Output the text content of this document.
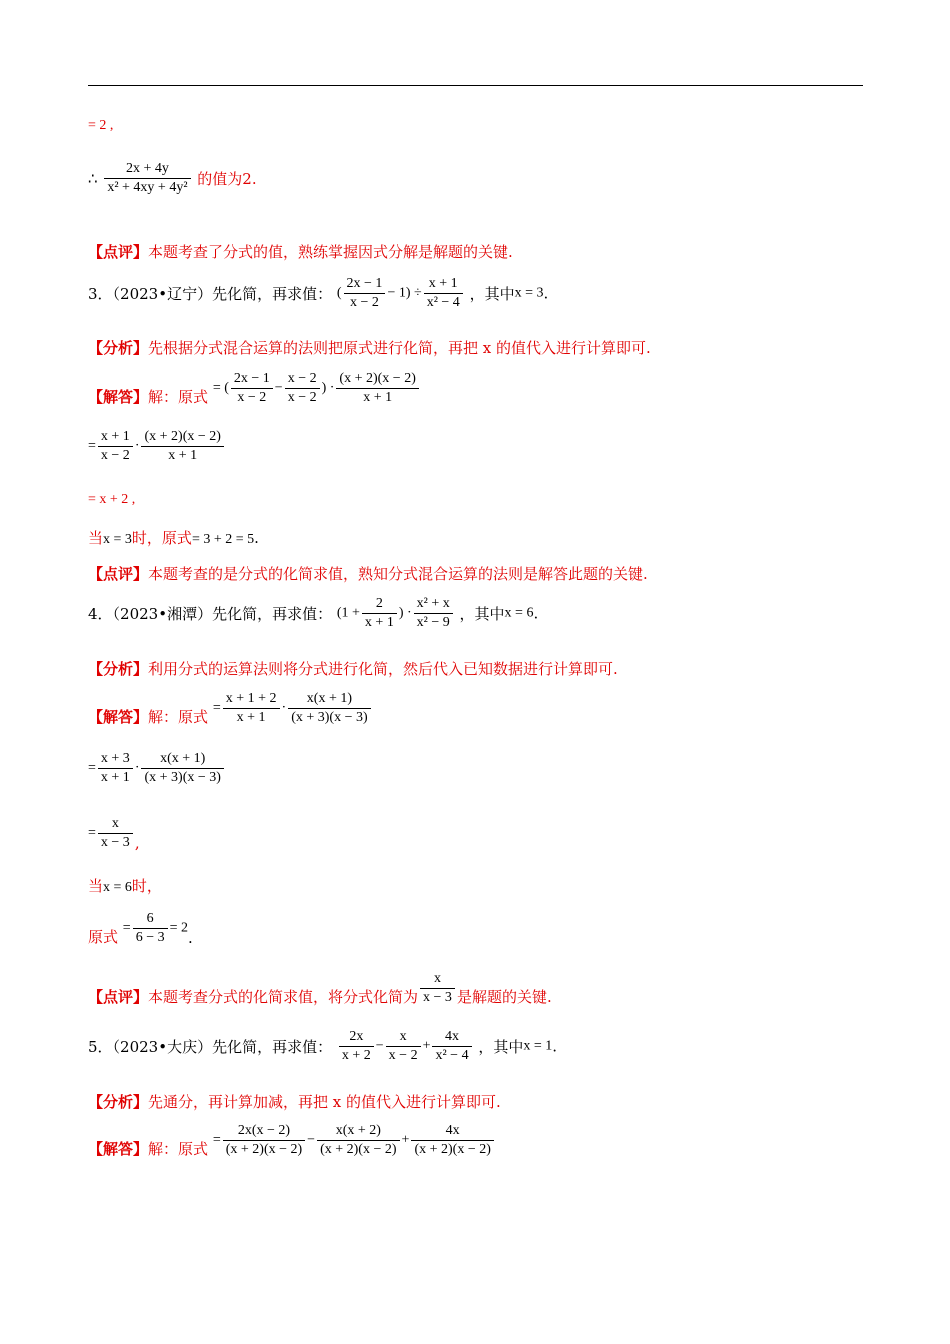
= 2 ,
∴ $\frac{2x + 4y}{\text{x² + 4xy + 4y²}}$ 的值为2.
【点评】本题考查了分式的值，熟练掌握因式分解是解题的关键.
3．（2023•辽宁）先化简，再求值： ( $\frac{2x - 1}{x - 2} - 1) \div \frac{x + 1}{\text{x² − 4}}$ ，其中x = 3.
【分析】先根据分式混合运算的法则把原式进行化简，再把 x 的值代入进行计算即可.
【解答】解：原式 = ( $\frac{2x - 1}{x - 2} - \frac{x - 2}{x - 2}$ ) · $\frac{(x + 2)(x - 2)}{x + 1}$
= $\frac{x + 1}{x - 2} \cdot \frac{(x + 2)(x - 2)}{x + 1}$
= x + 2 ,
当x = 3时，原式= 3 + 2 = 5.
【点评】本题考查的是分式的化简求值，熟知分式混合运算的法则是解答此题的关键.
4．（2023•湘潭）先化简，再求值： ($1 + \frac{2}{x + 1}$ ) · $\frac{\text{x² + x}}{\text{x² − 9}}$ ，其中x = 6.
【分析】利用分式的运算法则将分式进行化简，然后代入已知数据进行计算即可.
【解答】解：原式 = $\frac{x + 1 + 2}{x + 1} \cdot \frac{x(x + 1)}{(x + 3)(x - 3)}$
= $\frac{x + 3}{x + 1} \cdot \frac{x(x + 1)}{(x + 3)(x - 3)}$
= $\frac{x}{x - 3}$ ,
当x = 6时，
原式 = $\frac{6}{6 - 3} = 2$.
【点评】本题考查分式的化简求值，将分式化简为 $\frac{x}{x - 3}$ 是解题的关键.
5．（2023•大庆）先化简，再求值： $\frac{2x}{x + 2} - \frac{x}{x - 2} + \frac{4x}{\text{x² − 4}}$ ，其中x = 1.
【分析】先通分，再计算加减，再把 x 的值代入进行计算即可.
【解答】解：原式 = $\frac{2x(x - 2)}{(x + 2)(x - 2)} - \frac{x(x + 2)}{(x + 2)(x - 2)} + \frac{4x}{(x + 2)(x - 2)}$
